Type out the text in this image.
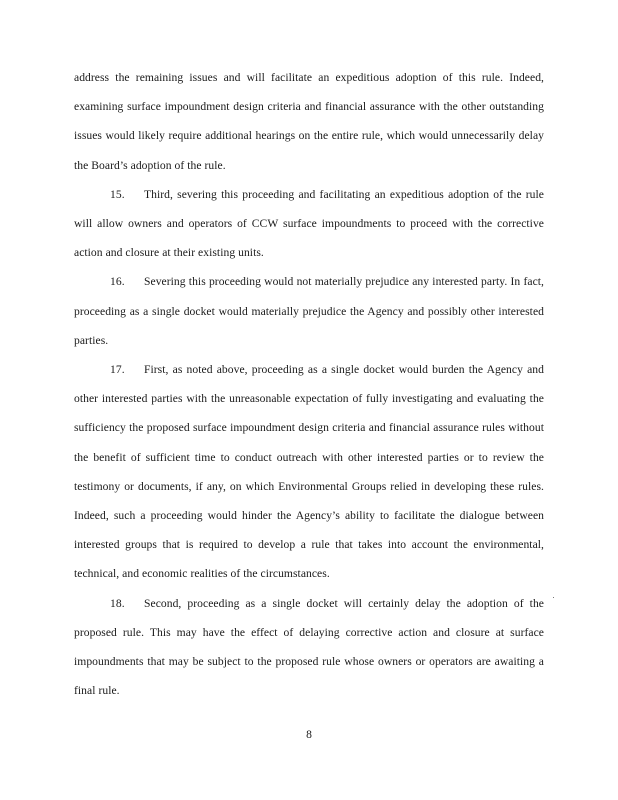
address the remaining issues and will facilitate an expeditious adoption of this rule. Indeed, examining surface impoundment design criteria and financial assurance with the other outstanding issues would likely require additional hearings on the entire rule, which would unnecessarily delay the Board’s adoption of the rule.

15. Third, severing this proceeding and facilitating an expeditious adoption of the rule will allow owners and operators of CCW surface impoundments to proceed with the corrective action and closure at their existing units.

16. Severing this proceeding would not materially prejudice any interested party. In fact, proceeding as a single docket would materially prejudice the Agency and possibly other interested parties.

17. First, as noted above, proceeding as a single docket would burden the Agency and other interested parties with the unreasonable expectation of fully investigating and evaluating the sufficiency the proposed surface impoundment design criteria and financial assurance rules without the benefit of sufficient time to conduct outreach with other interested parties or to review the testimony or documents, if any, on which Environmental Groups relied in developing these rules. Indeed, such a proceeding would hinder the Agency’s ability to facilitate the dialogue between interested groups that is required to develop a rule that takes into account the environmental, technical, and economic realities of the circumstances.

18. Second, proceeding as a single docket will certainly delay the adoption of the proposed rule. This may have the effect of delaying corrective action and closure at surface impoundments that may be subject to the proposed rule whose owners or operators are awaiting a final rule.

8
